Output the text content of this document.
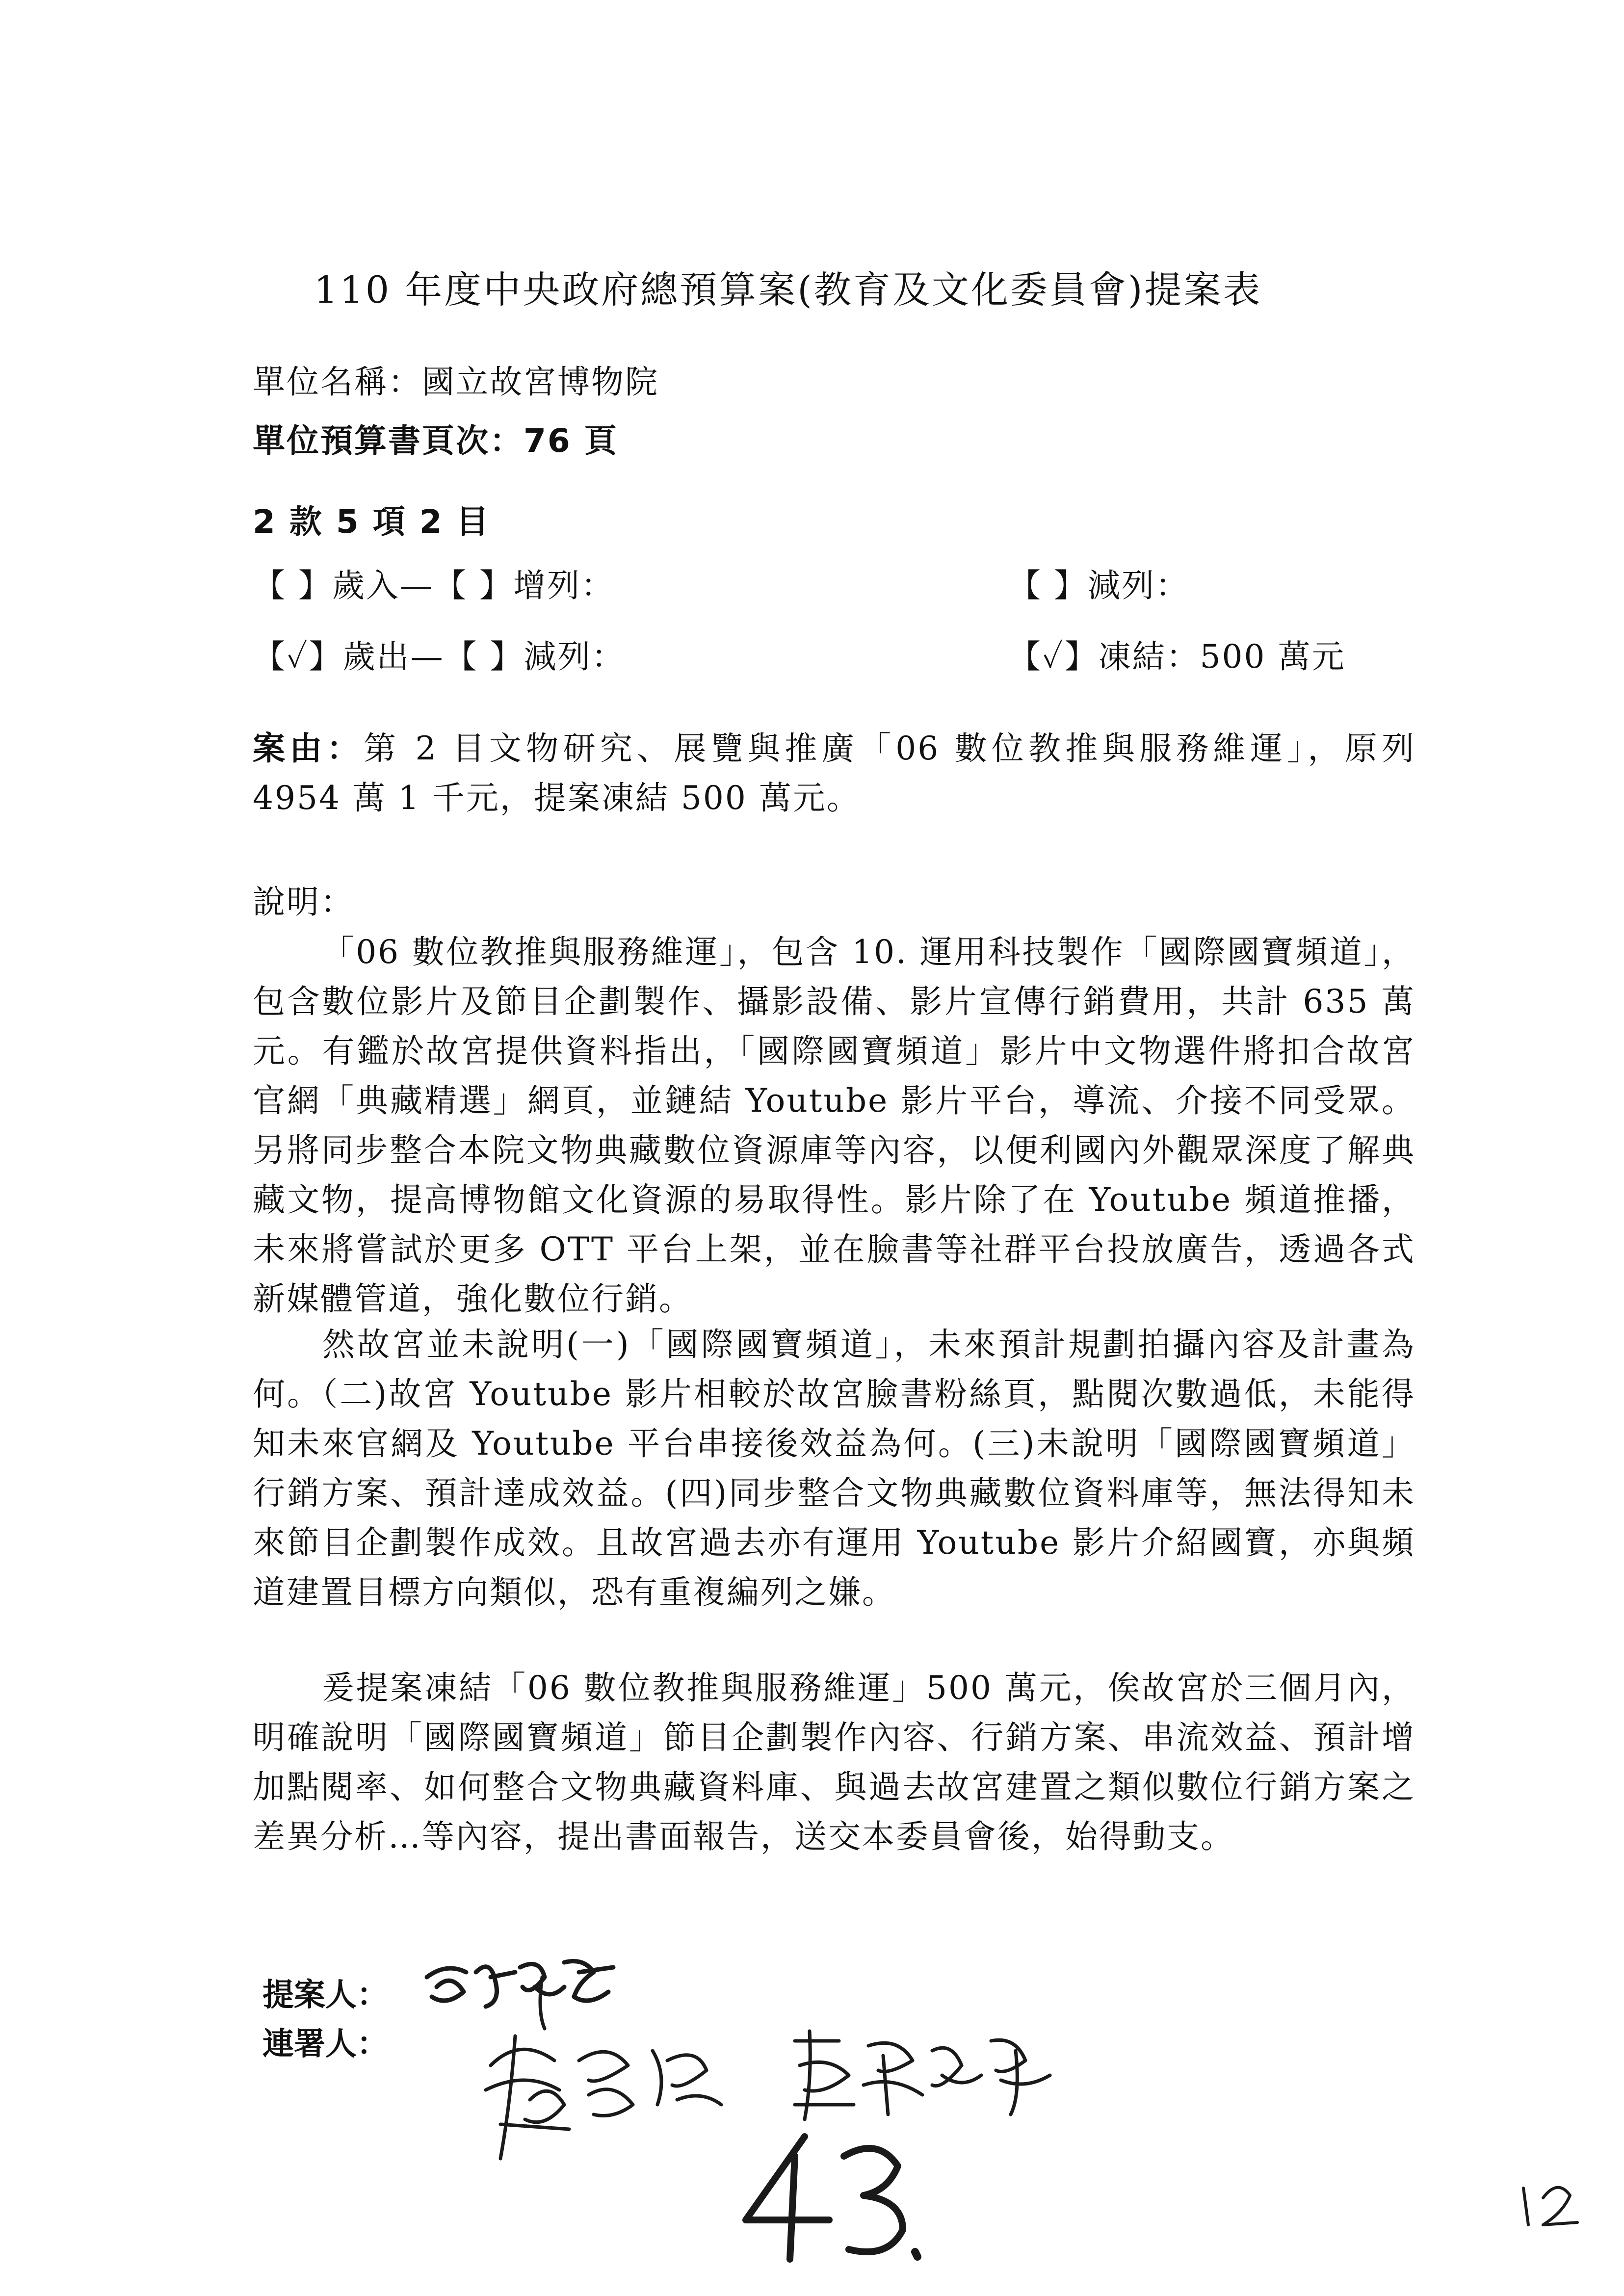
110 年度中央政府總預算案(教育及文化委員會)提案表
單位名稱：國立故宮博物院
單位預算書頁次：76 頁
2 款 5 項 2 目
【 】歲入—【 】增列：	【 】減列：
【✓】歲出—【 】減列：	【✓】凍結：500 萬元
案由：第 2 目文物研究、展覽與推廣「06 數位教推與服務維運」，原列 4954 萬 1 千元，提案凍結 500 萬元。
說明：
「06 數位教推與服務維運」，包含 10. 運用科技製作「國際國寶頻道」，包含數位影片及節目企劃製作、攝影設備、影片宣傳行銷費用，共計 635 萬元。有鑑於故宮提供資料指出，「國際國寶頻道」影片中文物選件將扣合故宮官網「典藏精選」網頁，並鏈結 Youtube 影片平台，導流、介接不同受眾。另將同步整合本院文物典藏數位資源庫等內容，以便利國內外觀眾深度了解典藏文物，提高博物館文化資源的易取得性。影片除了在 Youtube 頻道推播，未來將嘗試於更多 OTT 平台上架，並在臉書等社群平台投放廣告，透過各式新媒體管道，強化數位行銷。
然故宮並未說明(一)「國際國寶頻道」，未來預計規劃拍攝內容及計畫為何。（二)故宮 Youtube 影片相較於故宮臉書粉絲頁，點閱次數過低，未能得知未來官網及 Youtube 平台串接後效益為何。(三)未說明「國際國寶頻道」行銷方案、預計達成效益。(四)同步整合文物典藏數位資料庫等，無法得知未來節目企劃製作成效。且故宮過去亦有運用 Youtube 影片介紹國寶，亦與頻道建置目標方向類似，恐有重複編列之嫌。
爰提案凍結「06 數位教推與服務維運」500 萬元，俟故宮於三個月內，明確說明「國際國寶頻道」節目企劃製作內容、行銷方案、串流效益、預計增加點閱率、如何整合文物典藏資料庫、與過去故宮建置之類似數位行銷方案之差異分析…等內容，提出書面報告，送交本委員會後，始得動支。
提案人：
連署人：
